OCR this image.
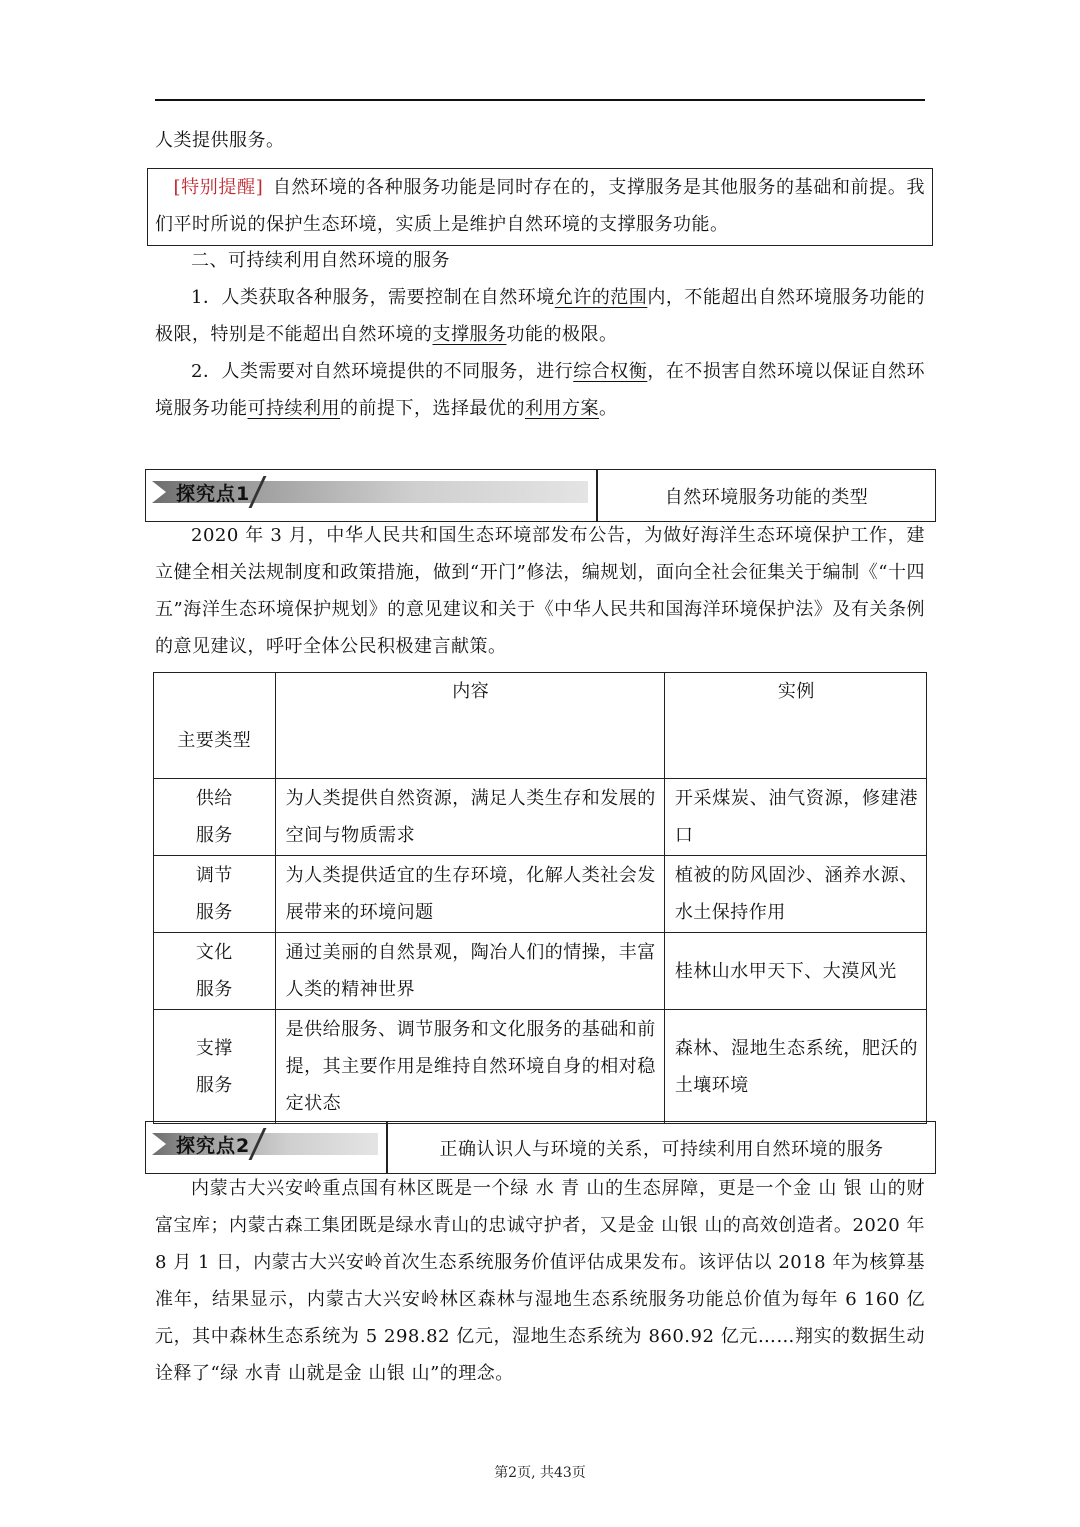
人类提供服务。
 [特别提醒]  自然环境的各种服务功能是同时存在的，支撑服务是其他服务的基础和前提。我们平时所说的保护生态环境，实质上是维护自然环境的支撑服务功能。
二、可持续利用自然环境的服务
1．人类获取各种服务，需要控制在自然环境允许的范围内，不能超出自然环境服务功能的极限，特别是不能超出自然环境的支撑服务功能的极限。
2．人类需要对自然环境提供的不同服务，进行综合权衡，在不损害自然环境以保证自然环境服务功能可持续利用的前提下，选择最优的利用方案。
探究点1	自然环境服务功能的类型
2020 年 3 月，中华人民共和国生态环境部发布公告，为做好海洋生态环境保护工作，建立健全相关法规制度和政策措施，做到“开门”修法，编规划，面向全社会征集关于编制《“十四五”海洋生态环境保护规划》的意见建议和关于《中华人民共和国海洋环境保护法》及有关条例的意见建议，呼吁全体公民积极建言献策。
主要类型	内容	实例
供给
服务	为人类提供自然资源，满足人类生存和发展的空间与物质需求	开采煤炭、油气资源，修建港口
调节
服务	为人类提供适宜的生存环境，化解人类社会发展带来的环境问题	植被的防风固沙、涵养水源、水土保持作用
文化
服务	通过美丽的自然景观，陶冶人们的情操，丰富人类的精神世界	桂林山水甲天下、大漠风光
支撑
服务	是供给服务、调节服务和文化服务的基础和前提，其主要作用是维持自然环境自身的相对稳定状态	森林、湿地生态系统，肥沃的土壤环境
探究点2	正确认识人与环境的关系，可持续利用自然环境的服务
内蒙古大兴安岭重点国有林区既是一个绿 水 青 山的生态屏障，更是一个金 山 银 山的财富宝库；内蒙古森工集团既是绿水青山的忠诚守护者，又是金 山银 山的高效创造者。2020 年 8 月 1 日，内蒙古大兴安岭首次生态系统服务价值评估成果发布。该评估以 2018 年为核算基准年，结果显示，内蒙古大兴安岭林区森林与湿地生态系统服务功能总价值为每年 6 160 亿元，其中森林生态系统为 5 298.82 亿元，湿地生态系统为 860.92 亿元……翔实的数据生动诠释了“绿 水青 山就是金 山银 山”的理念。
第2页, 共43页
